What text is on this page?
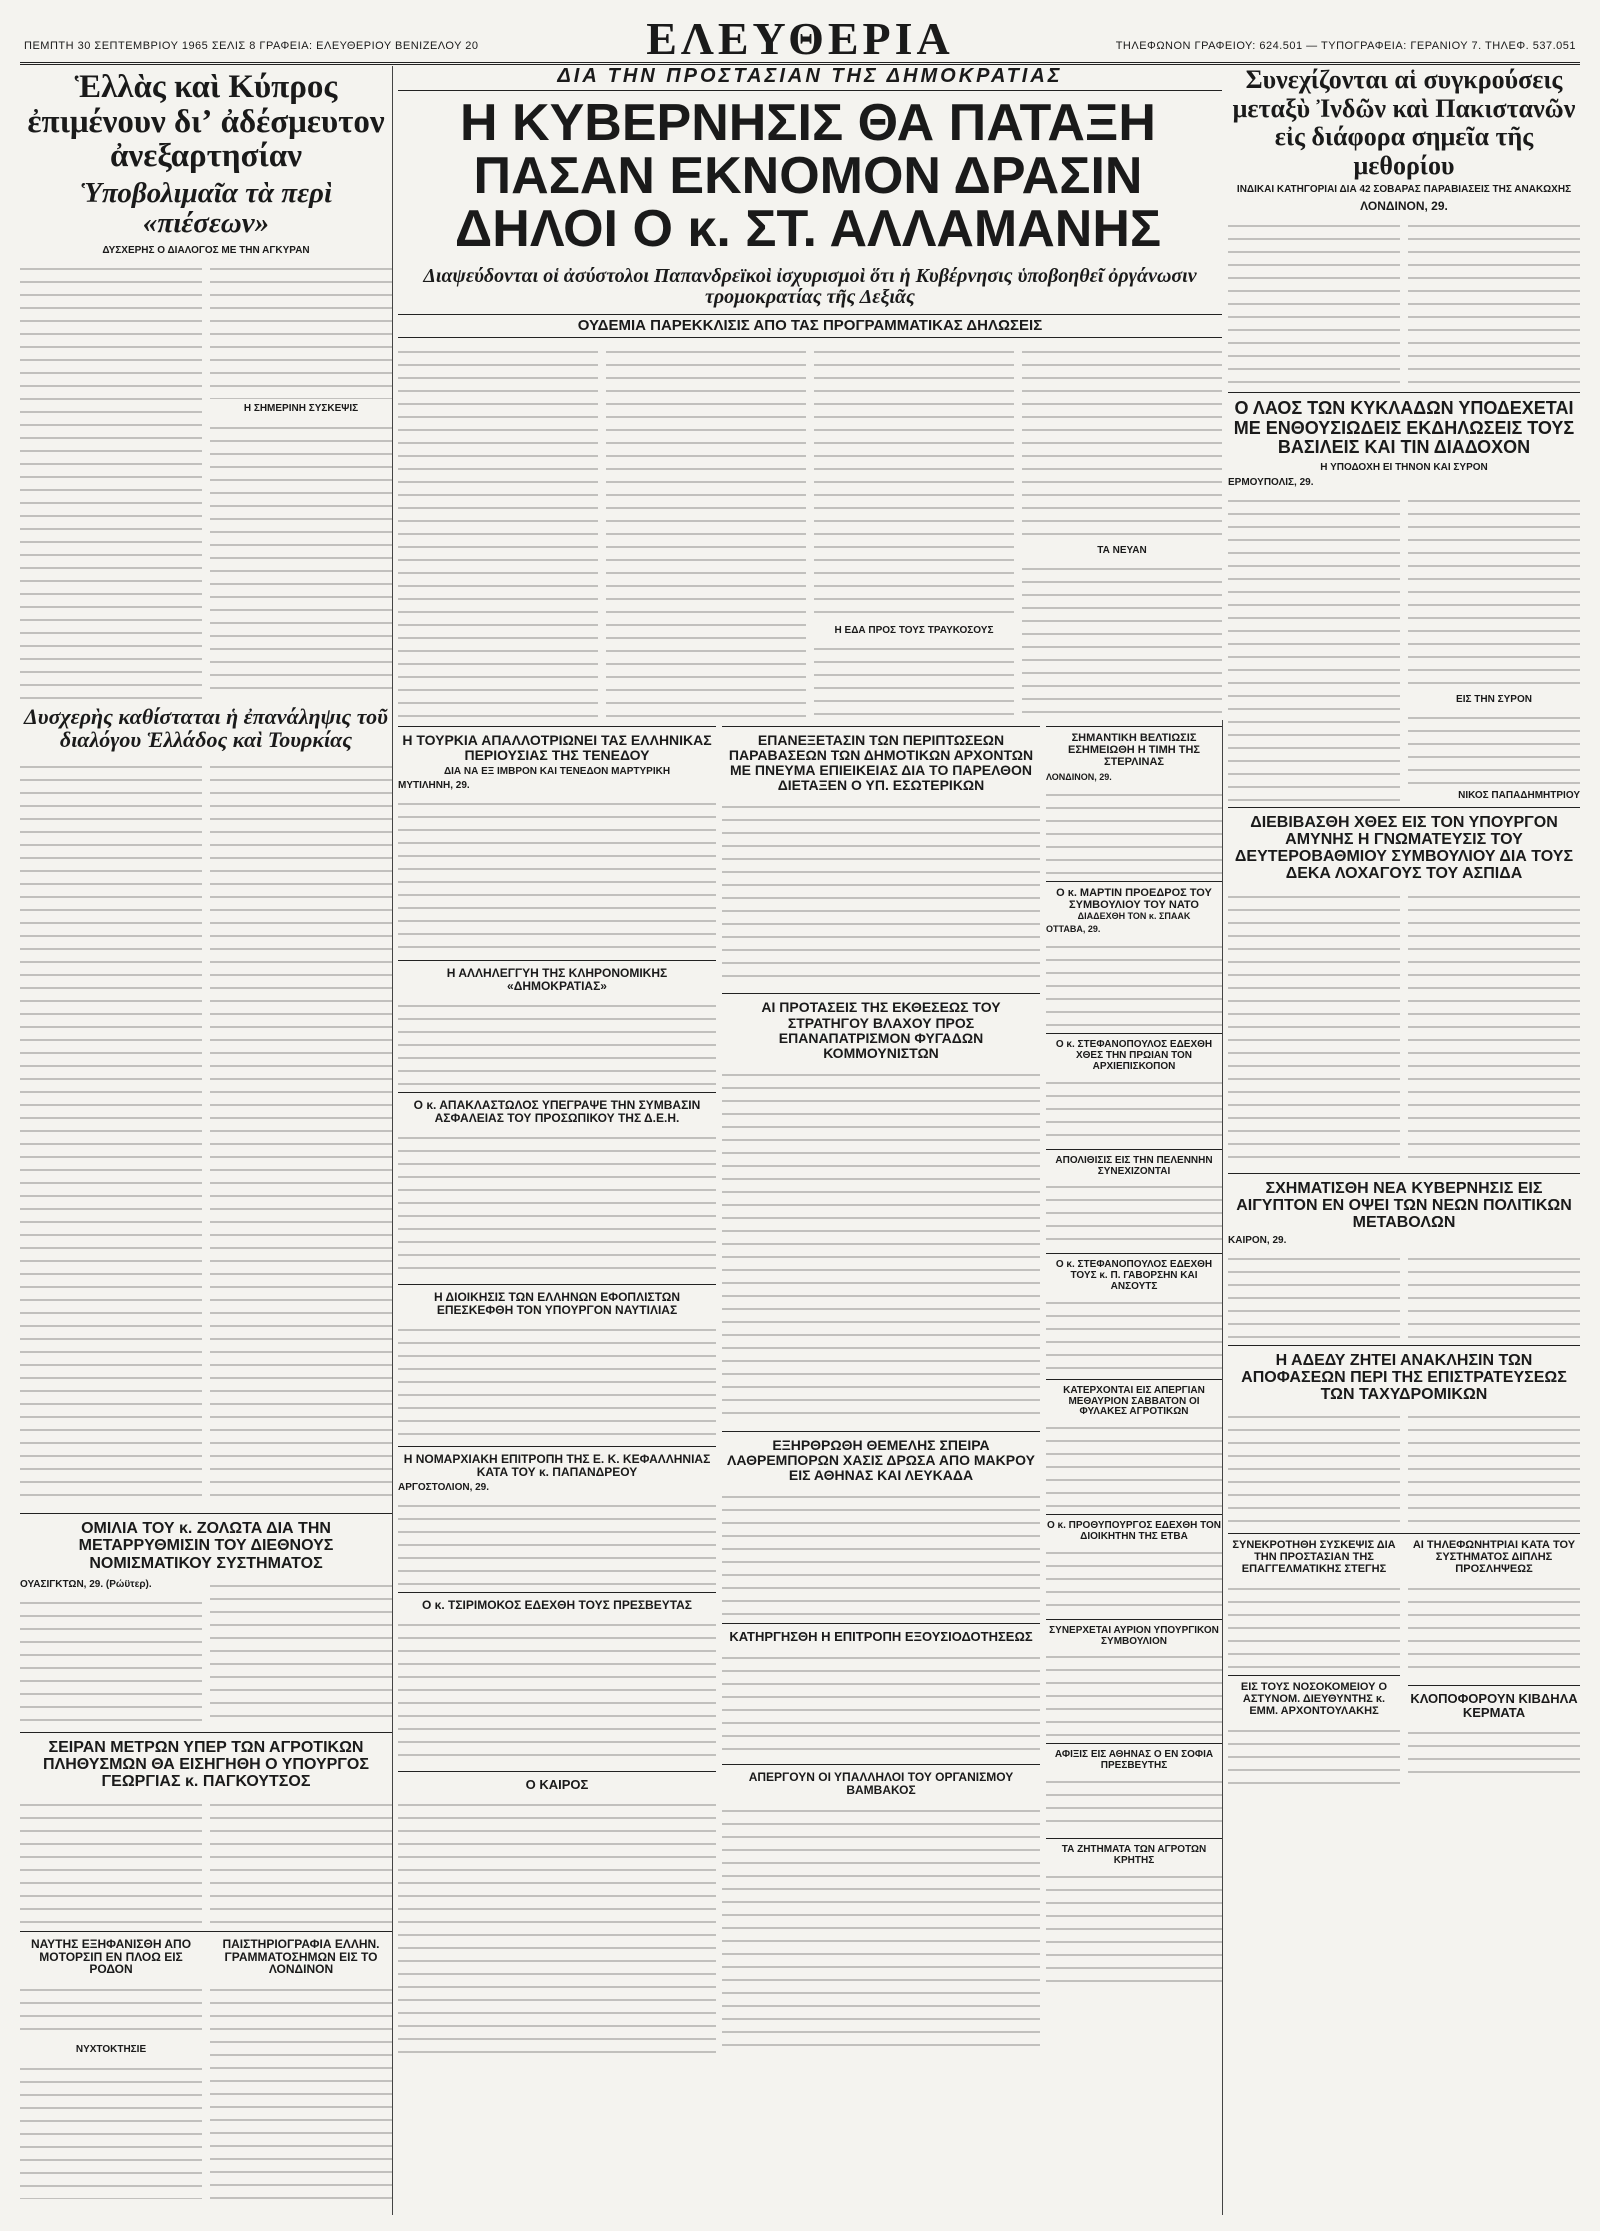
ΠΕΜΠΤΗ 30 ΣΕΠΤΕΜΒΡΙΟΥ 1965 ΣΕΛΙΣ 8 ΓΡΑΦΕΙΑ: ΕΛΕΥΘΕΡΙΟΥ ΒΕΝΙΖΕΛΟΥ 20	ΕΛΕΥΘΕΡΙΑ	ΤΗΛΕΦΩΝΟΝ ΓΡΑΦΕΙΟΥ: 624.501 — ΤΥΠΟΓΡΑΦΕΙΑ: ΓΕΡΑΝΙΟΥ 7. ΤΗΛΕΦ. 537.051
Ἑλλὰς καὶ Κύπρος ἐπιμένουν διʼ ἀδέσμευτον ἀνεξαρτησίαν
Ὑποβολιμαῖα τὰ περὶ «πιέσεων»
ΔΥΣΧΕΡΗΣ Ο ΔΙΑΛΟΓΟΣ ΜΕ ΤΗΝ ΑΓΚΥΡΑΝ
Η ΣΗΜΕΡΙΝΗ ΣΥΣΚΕΨΙΣ
Δυσχερὴς καθίσταται ἡ ἐπανάληψις τοῦ διαλόγου Ἑλλάδος καὶ Τουρκίας
ΟΜΙΛΙΑ ΤΟΥ κ. ΖΟΛΩΤΑ ΔΙΑ ΤΗΝ ΜΕΤΑΡΡΥΘΜΙΣΙΝ ΤΟΥ ΔΙΕΘΝΟΥΣ ΝΟΜΙΣΜΑΤΙΚΟΥ ΣΥΣΤΗΜΑΤΟΣ
ΟΥΑΣΙΓΚΤΩΝ, 29. (Ρώϋτερ).
ΣΕΙΡΑΝ ΜΕΤΡΩΝ ΥΠΕΡ ΤΩΝ ΑΓΡΟΤΙΚΩΝ ΠΛΗΘΥΣΜΩΝ ΘΑ ΕΙΣΗΓΗΘΗ Ο ΥΠΟΥΡΓΟΣ ΓΕΩΡΓΙΑΣ κ. ΠΑΓΚΟΥΤΣΟΣ
ΝΑΥΤΗΣ ΕΞΗΦΑΝΙΣΘΗ ΑΠΟ ΜΟΤΟΡΣΙΠ ΕΝ ΠΛΟΩ ΕΙΣ ΡΟΔΟΝ
ΝΥΧΤΟΚΤΗΣΙΕ
ΠΑΙΣΤΗΡΙΟΓΡΑΦΙΑ ΕΛΛΗΝ. ΓΡΑΜΜΑΤΟΣΗΜΩΝ ΕΙΣ ΤΟ ΛΟΝΔΙΝΟΝ
ΔΙΑ ΤΗΝ ΠΡΟΣΤΑΣΙΑΝ ΤΗΣ ΔΗΜΟΚΡΑΤΙΑΣ
Η ΚΥΒΕΡΝΗΣΙΣ ΘΑ ΠΑΤΑΞΗ ΠΑΣΑΝ ΕΚΝΟΜΟΝ ΔΡΑΣΙΝ ΔΗΛΟΙ Ο κ. ΣΤ. ΑΛΛΑΜΑΝΗΣ
Διαψεύδονται οἱ ἀσύστολοι Παπανδρεϊκοὶ ἰσχυρισμοὶ ὅτι ἡ Κυβέρνησις ὑποβοηθεῖ ὀργάνωσιν τρομοκρατίας τῆς Δεξιᾶς
ΟΥΔΕΜΙΑ ΠΑΡΕΚΚΛΙΣΙΣ ΑΠΟ ΤΑΣ ΠΡΟΓΡΑΜΜΑΤΙΚΑΣ ΔΗΛΩΣΕΙΣ
Η ΕΔΑ ΠΡΟΣ ΤΟΥΣ ΤΡΑΥΚΟΣΟΥΣ
ΤΑ ΝΕΥΑΝ
Η ΤΟΥΡΚΙΑ ΑΠΑΛΛΟΤΡΙΩΝΕΙ ΤΑΣ ΕΛΛΗΝΙΚΑΣ ΠΕΡΙΟΥΣΙΑΣ ΤΗΣ ΤΕΝΕΔΟΥ
ΔΙΑ ΝΑ ΕΞ ΙΜΒΡΟΝ ΚΑΙ ΤΕΝΕΔΟΝ ΜΑΡΤΥΡΙΚΗ
ΜΥΤΙΛΗΝΗ, 29.
Η ΑΛΛΗΛΕΓΓΥΗ ΤΗΣ ΚΛΗΡΟΝΟΜΙΚΗΣ «ΔΗΜΟΚΡΑΤΙΑΣ»
Ο κ. ΑΠΑΚΛΑΣΤΩΛΟΣ ΥΠΕΓΡΑΨΕ ΤΗΝ ΣΥΜΒΑΣΙΝ ΑΣΦΑΛΕΙΑΣ ΤΟΥ ΠΡΟΣΩΠΙΚΟΥ ΤΗΣ Δ.Ε.Η.
Η ΔΙΟΙΚΗΣΙΣ ΤΩΝ ΕΛΛΗΝΩΝ ΕΦΟΠΛΙΣΤΩΝ ΕΠΕΣΚΕΦΘΗ ΤΟΝ ΥΠΟΥΡΓΟΝ ΝΑΥΤΙΛΙΑΣ
Η ΝΟΜΑΡΧΙΑΚΗ ΕΠΙΤΡΟΠΗ ΤΗΣ Ε. Κ. ΚΕΦΑΛΛΗΝΙΑΣ ΚΑΤΑ ΤΟΥ κ. ΠΑΠΑΝΔΡΕΟΥ
ΑΡΓΟΣΤΟΛΙΟΝ, 29.
Ο κ. ΤΣΙΡΙΜΟΚΟΣ ΕΔΕΧΘΗ ΤΟΥΣ ΠΡΕΣΒΕΥΤΑΣ
Ο ΚΑΙΡΟΣ
ΕΠΑΝΕΞΕΤΑΣΙΝ ΤΩΝ ΠΕΡΙΠΤΩΣΕΩΝ ΠΑΡΑΒΑΣΕΩΝ ΤΩΝ ΔΗΜΟΤΙΚΩΝ ΑΡΧΟΝΤΩΝ ΜΕ ΠΝΕΥΜΑ ΕΠΙΕΙΚΕΙΑΣ ΔΙΑ ΤΟ ΠΑΡΕΛΘΟΝ ΔΙΕΤΑΞΕΝ Ο ΥΠ. ΕΣΩΤΕΡΙΚΩΝ
ΑΙ ΠΡΟΤΑΣΕΙΣ ΤΗΣ ΕΚΘΕΣΕΩΣ ΤΟΥ ΣΤΡΑΤΗΓΟΥ ΒΛΑΧΟΥ ΠΡΟΣ ΕΠΑΝΑΠΑΤΡΙΣΜΟΝ ΦΥΓΑΔΩΝ ΚΟΜΜΟΥΝΙΣΤΩΝ
ΕΞΗΡΘΡΩΘΗ ΘΕΜΕΛΗΣ ΣΠΕΙΡΑ ΛΑΘΡΕΜΠΟΡΩΝ ΧΑΣΙΣ ΔΡΩΣΑ ΑΠΟ ΜΑΚΡΟΥ ΕΙΣ ΑΘΗΝΑΣ ΚΑΙ ΛΕΥΚΑΔΑ
ΚΑΤΗΡΓΗΣΘΗ Η ΕΠΙΤΡΟΠΗ ΕΞΟΥΣΙΟΔΟΤΗΣΕΩΣ
ΑΠΕΡΓΟΥΝ ΟΙ ΥΠΑΛΛΗΛΟΙ ΤΟΥ ΟΡΓΑΝΙΣΜΟΥ ΒΑΜΒΑΚΟΣ
ΣΗΜΑΝΤΙΚΗ ΒΕΛΤΙΩΣΙΣ ΕΣΗΜΕΙΩΘΗ Η ΤΙΜΗ ΤΗΣ ΣΤΕΡΛΙΝΑΣ
ΛΟΝΔΙΝΟΝ, 29.
Ο κ. ΜΑΡΤΙΝ ΠΡΟΕΔΡΟΣ ΤΟΥ ΣΥΜΒΟΥΛΙΟΥ ΤΟΥ ΝΑΤΟ
ΔΙΑΔΕΧΘΗ ΤΟΝ κ. ΣΠΑΑΚ
ΟΤΤΑΒΑ, 29.
Ο κ. ΣΤΕΦΑΝΟΠΟΥΛΟΣ ΕΔΕΧΘΗ ΧΘΕΣ ΤΗΝ ΠΡΩΙΑΝ ΤΟΝ ΑΡΧΙΕΠΙΣΚΟΠΟΝ
ΑΠΟΛΙΘΙΣΙΣ ΕΙΣ ΤΗΝ ΠΕΛΕΝΝΗΝ ΣΥΝΕΧΙΖΟΝΤΑΙ
Ο κ. ΣΤΕΦΑΝΟΠΟΥΛΟΣ ΕΔΕΧΘΗ ΤΟΥΣ κ. Π. ΓΑΒΟΡΣΗΝ ΚΑΙ ΑΝΣΟΥΤΣ
ΚΑΤΕΡΧΟΝΤΑΙ ΕΙΣ ΑΠΕΡΓΙΑΝ ΜΕΘΑΥΡΙΟΝ ΣΑΒΒΑΤΟΝ ΟΙ ΦΥΛΑΚΕΣ ΑΓΡΟΤΙΚΩΝ
Ο κ. ΠΡΟΘΥΠΟΥΡΓΟΣ ΕΔΕΧΘΗ ΤΟΝ ΔΙΟΙΚΗΤΗΝ ΤΗΣ ΕΤΒΑ
ΣΥΝΕΡΧΕΤΑΙ ΑΥΡΙΟΝ ΥΠΟΥΡΓΙΚΟΝ ΣΥΜΒΟΥΛΙΟΝ
ΑΦΙΞΙΣ ΕΙΣ ΑΘΗΝΑΣ Ο ΕΝ ΣΟΦΙΑ ΠΡΕΣΒΕΥΤΗΣ
ΤΑ ΖΗΤΗΜΑΤΑ ΤΩΝ ΑΓΡΟΤΩΝ ΚΡΗΤΗΣ
Συνεχίζονται αἱ συγκρούσεις μεταξὺ Ἰνδῶν καὶ Πακιστανῶν εἰς διάφορα σημεῖα τῆς μεθορίου
ΙΝΔΙΚΑΙ ΚΑΤΗΓΟΡΙΑΙ ΔΙΑ 42 ΣΟΒΑΡΑΣ ΠΑΡΑΒΙΑΣΕΙΣ ΤΗΣ ΑΝΑΚΩΧΗΣ
ΛΟΝΔΙΝΟΝ, 29.
Ο ΛΑΟΣ ΤΩΝ ΚΥΚΛΑΔΩΝ ΥΠΟΔΕΧΕΤΑΙ ΜΕ ΕΝΘΟΥΣΙΩΔΕΙΣ ΕΚΔΗΛΩΣΕΙΣ ΤΟΥΣ ΒΑΣΙΛΕΙΣ ΚΑΙ ΤΙΝ ΔΙΑΔΟΧΟΝ
Η ΥΠΟΔΟΧΗ ΕΙ ΤΗΝΟΝ ΚΑΙ ΣΥΡΟΝ
ΕΡΜΟΥΠΟΛΙΣ, 29.
ΕΙΣ ΤΗΝ ΣΥΡΟΝ
ΝΙΚΟΣ ΠΑΠΑΔΗΜΗΤΡΙΟΥ
ΔΙΕΒΙΒΑΣΘΗ ΧΘΕΣ ΕΙΣ ΤΟΝ ΥΠΟΥΡΓΟΝ ΑΜΥΝΗΣ Η ΓΝΩΜΑΤΕΥΣΙΣ ΤΟΥ ΔΕΥΤΕΡΟΒΑΘΜΙΟΥ ΣΥΜΒΟΥΛΙΟΥ ΔΙΑ ΤΟΥΣ ΔΕΚΑ ΛΟΧΑΓΟΥΣ ΤΟΥ ΑΣΠΙΔΑ
ΣΧΗΜΑΤΙΣΘΗ ΝΕΑ ΚΥΒΕΡΝΗΣΙΣ ΕΙΣ ΑΙΓΥΠΤΟΝ ΕΝ ΟΨΕΙ ΤΩΝ ΝΕΩΝ ΠΟΛΙΤΙΚΩΝ ΜΕΤΑΒΟΛΩΝ
ΚΑΙΡΟΝ, 29.
Η ΑΔΕΔΥ ΖΗΤΕΙ ΑΝΑΚΛΗΣΙΝ ΤΩΝ ΑΠΟΦΑΣΕΩΝ ΠΕΡΙ ΤΗΣ ΕΠΙΣΤΡΑΤΕΥΣΕΩΣ ΤΩΝ ΤΑΧΥΔΡΟΜΙΚΩΝ
ΣΥΝΕΚΡΟΤΗΘΗ ΣΥΣΚΕΨΙΣ ΔΙΑ ΤΗΝ ΠΡΟΣΤΑΣΙΑΝ ΤΗΣ ΕΠΑΓΓΕΛΜΑΤΙΚΗΣ ΣΤΕΓΗΣ
ΕΙΣ ΤΟΥΣ ΝΟΣΟΚΟΜΕΙΟΥ Ο ΑΣΤΥΝΟΜ. ΔΙΕΥΘΥΝΤΗΣ κ. ΕΜΜ. ΑΡΧΟΝΤΟΥΛΑΚΗΣ
ΑΙ ΤΗΛΕΦΩΝΗΤΡΙΑΙ ΚΑΤΑ ΤΟΥ ΣΥΣΤΗΜΑΤΟΣ ΔΙΠΛΗΣ ΠΡΟΣΛΗΨΕΩΣ
ΚΛΟΠΟΦΟΡΟΥΝ ΚΙΒΔΗΛΑ ΚΕΡΜΑΤΑ
